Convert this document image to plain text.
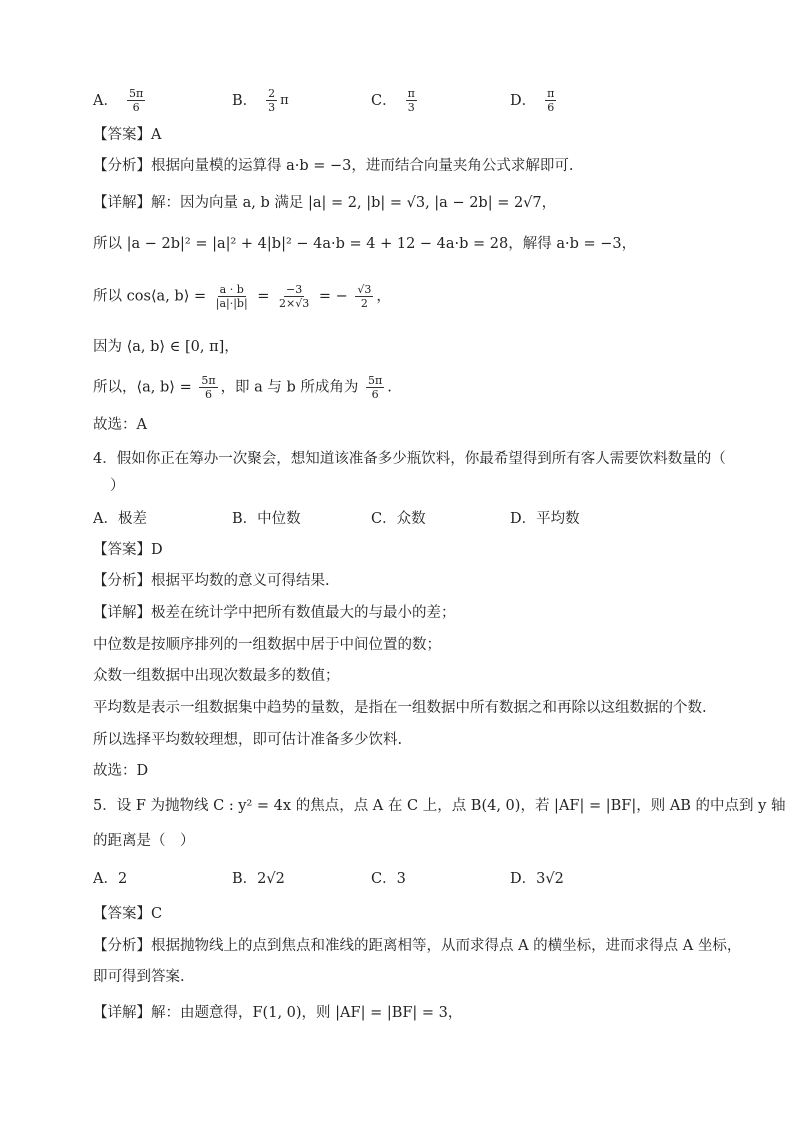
A． $\frac{5\pi}{6}$	B． $\frac{2}{3}$ π	C． $\frac{\pi}{3}$	D． $\frac{\pi}{6}$
【答案】A
【分析】根据向量模的运算得 a·b = −3，进而结合向量夹角公式求解即可.
【详解】解：因为向量 a, b 满足 |a| = 2, |b| = √3, |a − 2b| = 2√7，
所以 |a − 2b|² = |a|² + 4|b|² − 4a·b = 4 + 12 − 4a·b = 28，解得 a·b = −3，
所以 cos⟨a, b⟩ = $\frac{a \cdot b}{|a|\cdot|b|} = \frac{-3}{2\times√3}$ = − $\frac{√3}{2}$ ，
因为 ⟨a, b⟩ ∈ [0, π]，
所以，⟨a, b⟩ = $\frac{5\pi}{6}$ ，即 a 与 b 所成角为 $\frac{5\pi}{6}$ .
故选：A
4．假如你正在筹办一次聚会，想知道该准备多少瓶饮料，你最希望得到所有客人需要饮料数量的（
）
A．极差	B．中位数	C．众数	D．平均数
【答案】D
【分析】根据平均数的意义可得结果.
【详解】极差在统计学中把所有数值最大的与最小的差；
中位数是按顺序排列的一组数据中居于中间位置的数；
众数一组数据中出现次数最多的数值；
平均数是表示一组数据集中趋势的量数，是指在一组数据中所有数据之和再除以这组数据的个数.
所以选择平均数较理想，即可估计准备多少饮料.
故选：D
5．设 F 为抛物线 C : y² = 4x 的焦点，点 A 在 C 上，点 B(4, 0)，若 |AF| = |BF|，则 AB 的中点到 y 轴
的距离是（　）
A．2	B．2√2	C．3	D．3√2
【答案】C
【分析】根据抛物线上的点到焦点和准线的距离相等，从而求得点 A 的横坐标，进而求得点 A 坐标，
即可得到答案.
【详解】解：由题意得，F(1, 0)，则 |AF| = |BF| = 3，
